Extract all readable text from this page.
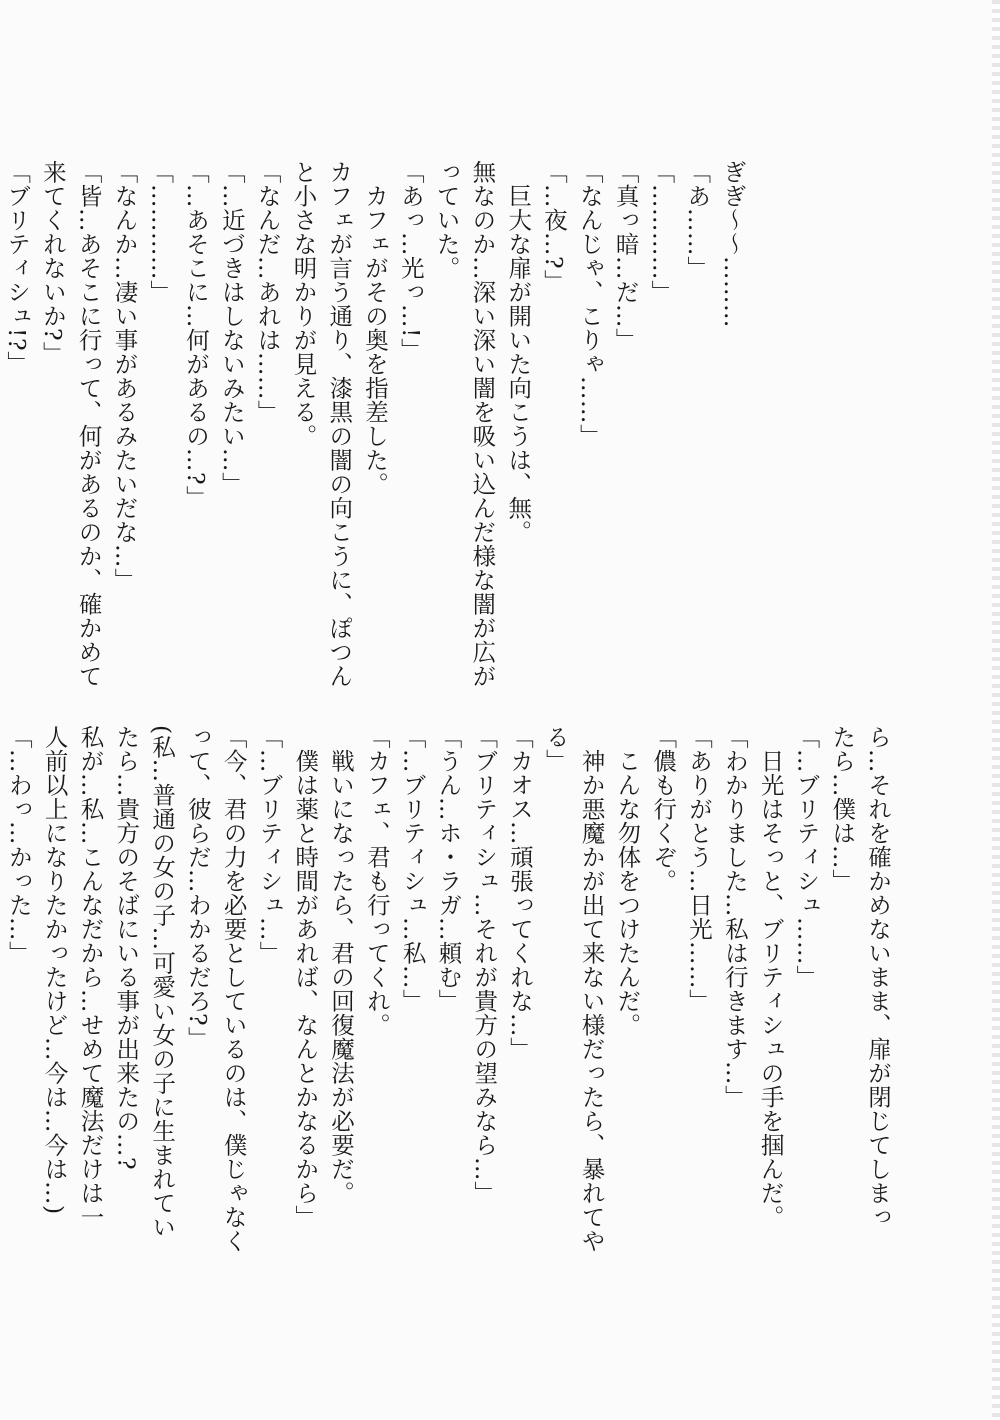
ぎぎ〜〜………
「あ……」
「…………」
「真っ暗…だ…」
「なんじゃ、こりゃ……」
「…夜…?」
　巨大な扉が開いた向こうは、無。
無なのか…深い深い闇を吸い込んだ様な闇が広が
っていた。
「あっ…光っ…!」
　カフェがその奥を指差した。
カフェが言う通り、漆黒の闇の向こうに、ぽつん
と小さな明かりが見える。
「なんだ…あれは……」
「…近づきはしないみたい…」
「…あそこに…何があるの…?」
「…………」
「なんか…凄い事があるみたいだな…」
「皆…あそこに行って、何があるのか、確かめて
来てくれないか?」
「ブリティシュ!?」
ら…それを確かめないまま、扉が閉じてしまっ
たら…僕は…」
「…ブリティシュ……」
　日光はそっと、ブリティシュの手を掴んだ。
「わかりました…私は行きます…」
「ありがとう…日光……」
「儂も行くぞ。
　こんな勿体をつけたんだ。
　神か悪魔かが出て来ない様だったら、暴れてや
る」
「カオス…頑張ってくれな…」
「ブリティシュ…それが貴方の望みなら…」
「うん…ホ・ラガ…頼む」
「…ブリティシュ…私…」
「カフェ、君も行ってくれ。
　戦いになったら、君の回復魔法が必要だ。
　僕は薬と時間があれば、なんとかなるから」
「…ブリティシュ…」
「今、君の力を必要としているのは、僕じゃなく
って、彼らだ…わかるだろ?」
(私…普通の女の子…可愛い女の子に生まれてい
たら…貴方のそばにいる事が出来たの…?
私が…私…こんなだから…せめて魔法だけは一
人前以上になりたかったけど…今は…今は…)
「…わっ…かった…」
